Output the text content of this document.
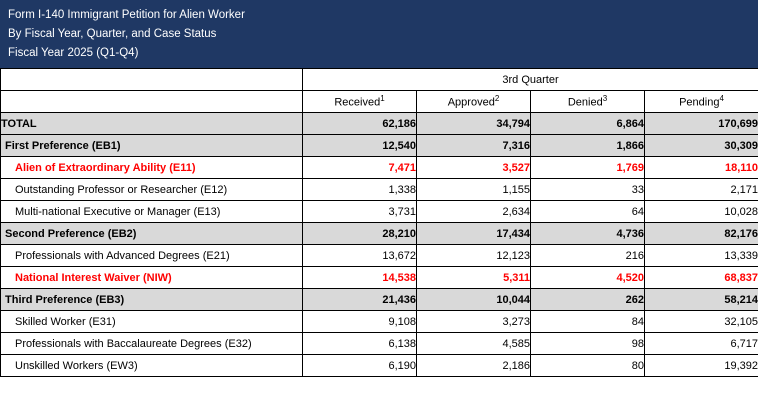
Form I-140 Immigrant Petition for Alien Worker
By Fiscal Year, Quarter, and Case Status
Fiscal Year 2025 (Q1-Q4)
	3rd Quarter			
	Received$^1$	Approved$^2$	Denied$^3$	Pending$^4$
TOTAL	62,186	34,794	6,864	170,699
First Preference (EB1)	12,540	7,316	1,866	30,309
Alien of Extraordinary Ability (E11)	7,471	3,527	1,769	18,110
Outstanding Professor or Researcher (E12)	1,338	1,155	33	2,171
Multi-national Executive or Manager (E13)	3,731	2,634	64	10,028
Second Preference (EB2)	28,210	17,434	4,736	82,176
Professionals with Advanced Degrees (E21)	13,672	12,123	216	13,339
National Interest Waiver (NIW)	14,538	5,311	4,520	68,837
Third Preference (EB3)	21,436	10,044	262	58,214
Skilled Worker (E31)	9,108	3,273	84	32,105
Professionals with Baccalaureate Degrees (E32)	6,138	4,585	98	6,717
Unskilled Workers (EW3)	6,190	2,186	80	19,392
